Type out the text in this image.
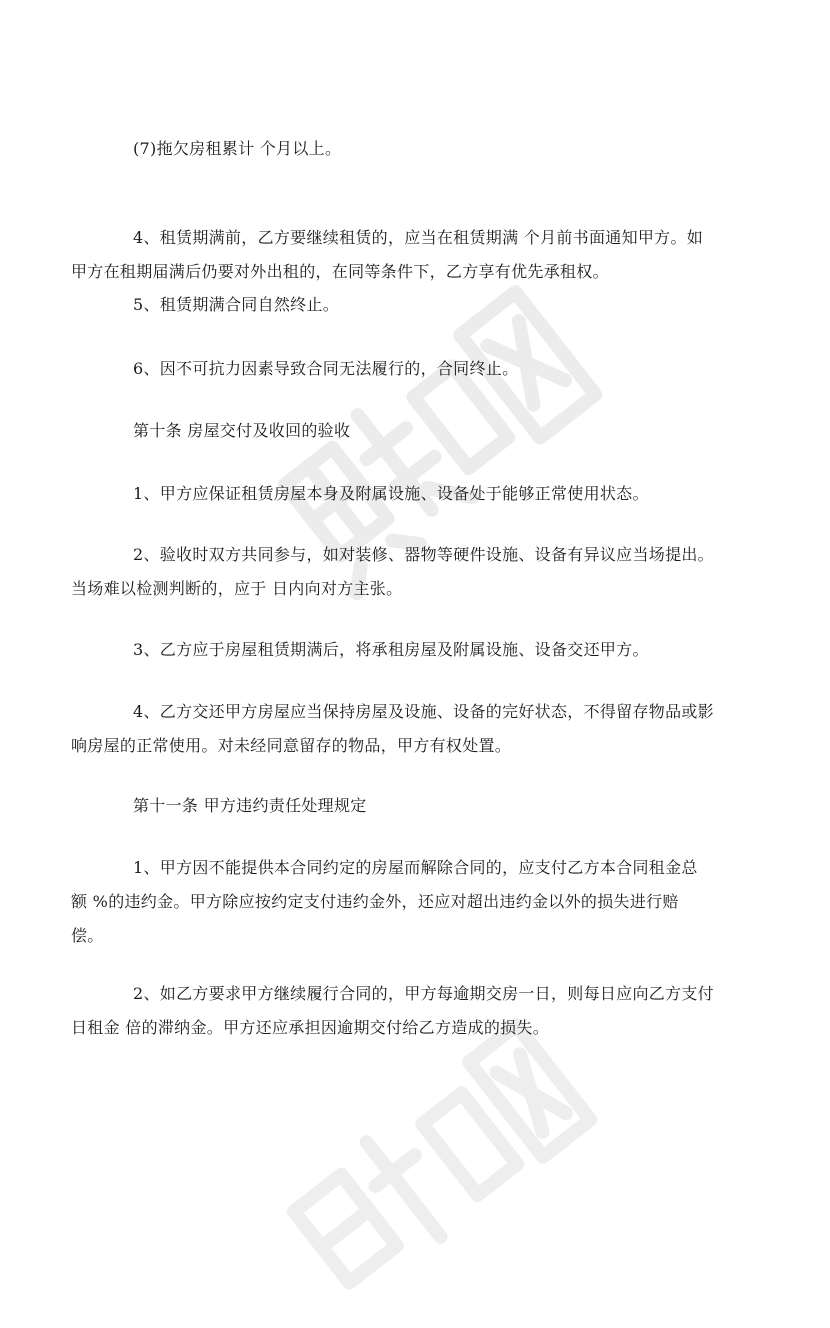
(7)拖欠房租累计 个月以上。
4、租赁期满前，乙方要继续租赁的，应当在租赁期满 个月前书面通知甲方。如
甲方在租期届满后仍要对外出租的，在同等条件下，乙方享有优先承租权。
5、租赁期满合同自然终止。
6、因不可抗力因素导致合同无法履行的，合同终止。
第十条 房屋交付及收回的验收
1、甲方应保证租赁房屋本身及附属设施、设备处于能够正常使用状态。
2、验收时双方共同参与，如对装修、器物等硬件设施、设备有异议应当场提出。
当场难以检测判断的，应于 日内向对方主张。
3、乙方应于房屋租赁期满后，将承租房屋及附属设施、设备交还甲方。
4、乙方交还甲方房屋应当保持房屋及设施、设备的完好状态，不得留存物品或影
响房屋的正常使用。对未经同意留存的物品，甲方有权处置。
第十一条 甲方违约责任处理规定
1、甲方因不能提供本合同约定的房屋而解除合同的，应支付乙方本合同租金总
额 %的违约金。甲方除应按约定支付违约金外，还应对超出违约金以外的损失进行赔
偿。
2、如乙方要求甲方继续履行合同的，甲方每逾期交房一日，则每日应向乙方支付
日租金 倍的滞纳金。甲方还应承担因逾期交付给乙方造成的损失。
